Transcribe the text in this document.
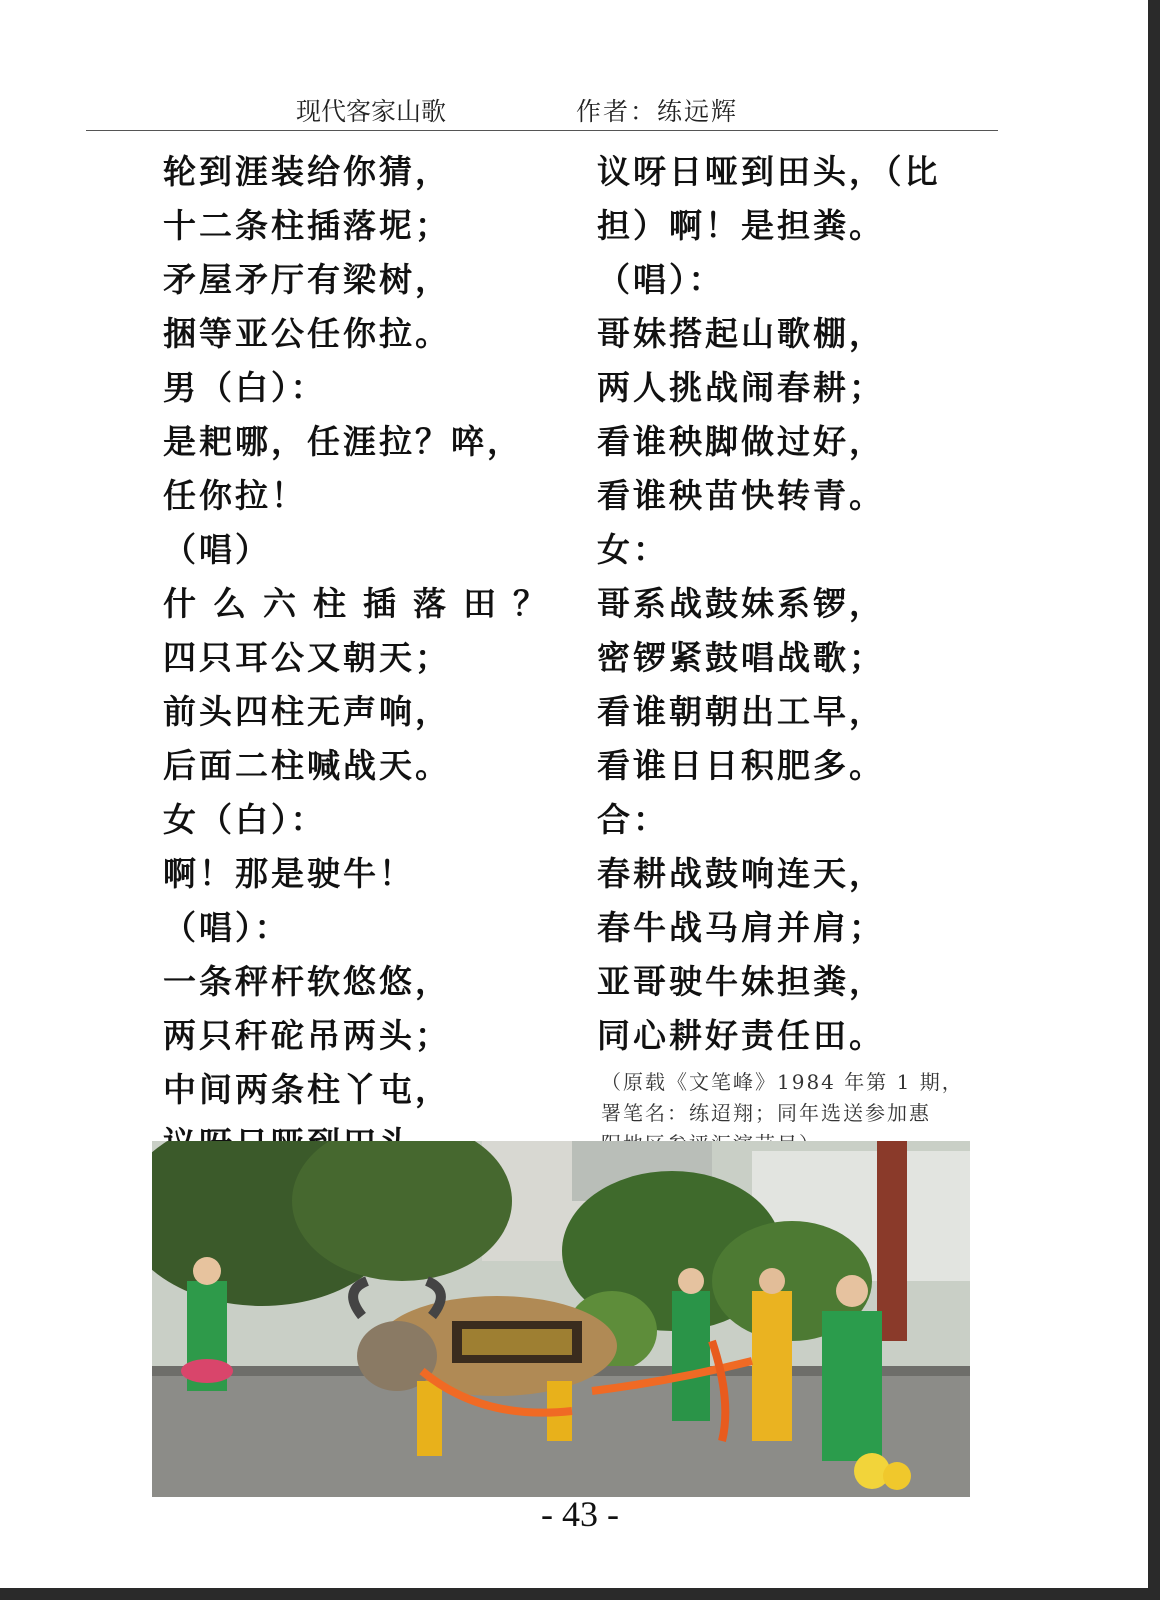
现代客家山歌	作者：练远辉
轮到涯装给你猜，
十二条柱插落坭；
矛屋矛厅有梁树，
捆等亚公任你拉。
男（白）：
是耙哪，任涯拉？啐，
任你拉！
（唱）
什么六柱插落田？
四只耳公又朝天；
前头四柱无声响，
后面二柱喊战天。
女（白）：
啊！那是驶牛！
（唱）：
一条秤杆软悠悠，
两只秆砣吊两头；
中间两条柱丫屯，
议呀日哑到田头，（比
担）啊！是担粪。
（唱）：
哥妹搭起山歌棚，
两人挑战闹春耕；
看谁秧脚做过好，
看谁秧苗快转青。
女：
哥系战鼓妹系锣，
密锣紧鼓唱战歌；
看谁朝朝出工早，
看谁日日积肥多。
合：
春耕战鼓响连天，
春牛战马肩并肩；
亚哥驶牛妹担粪，
同心耕好责任田。
（原载《文笔峰》1984 年第 1 期，
署笔名：练迢翔；同年选送参加惠
- 43 -
